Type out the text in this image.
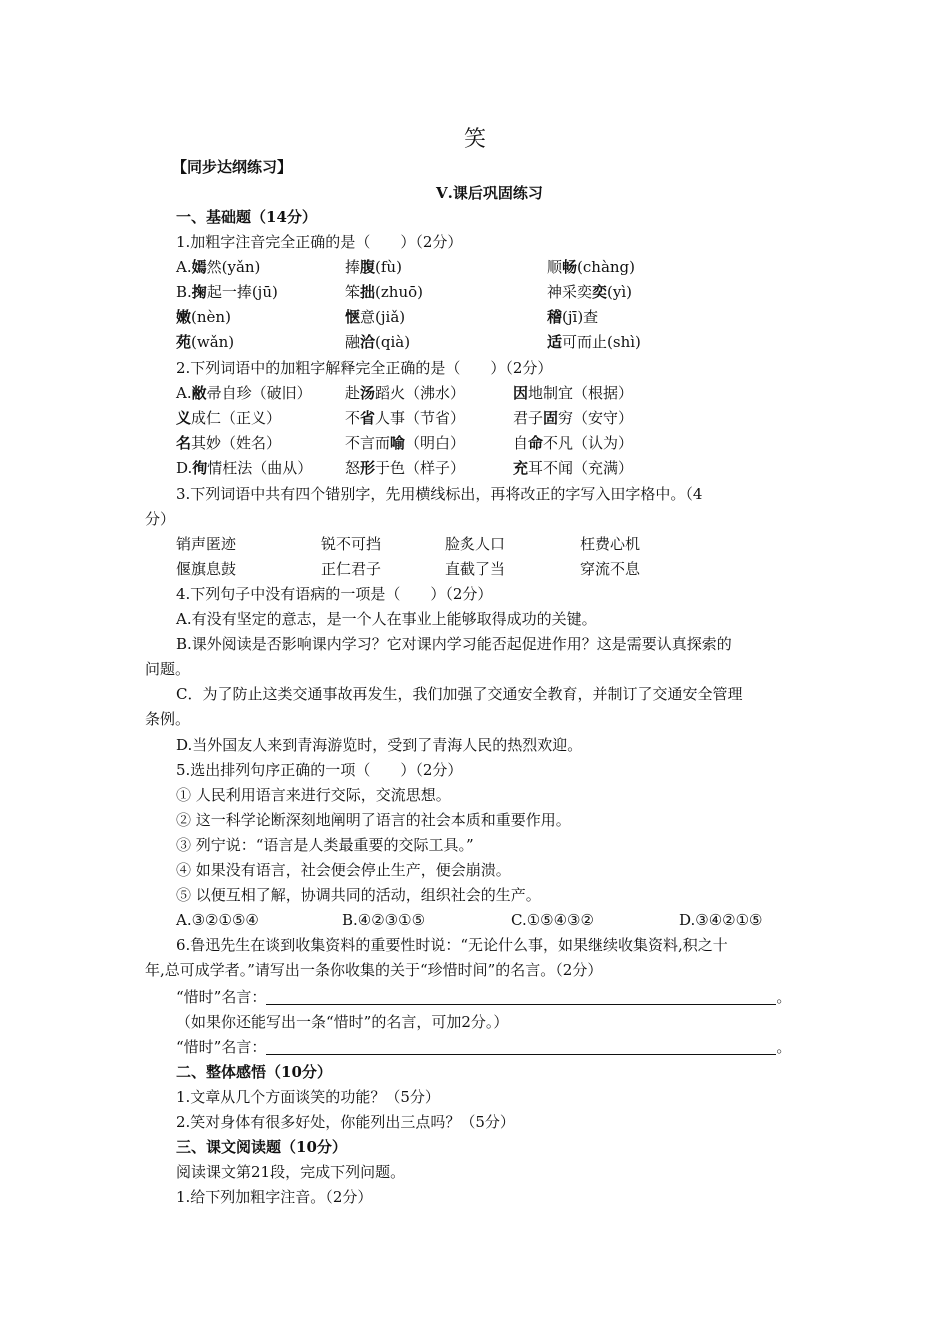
笑
【同步达纲练习】
Ⅴ.课后巩固练习
一、基础题（14分）
1.加粗字注音完全正确的是（　　）（2分）
A.嫣然(yǎn)	捧腹(fù)	顺畅(chàng)
B.掬起一捧(jū)	笨拙(zhuō)	神采奕奕(yì)
嫩(nèn)	惬意(jiǎ)	稽(jī)查
苑(wǎn)	融洽(qià)	适可而止(shì)
2.下列词语中的加粗字解释完全正确的是（　　）（2分）
A.敝帚自珍（破旧） 赴汤蹈火（沸水）	因地制宜（根据）
义成仁（正义）	不省人事（节省）	君子固穷（安守）
名其妙（姓名）	不言而喻（明白）	自命不凡（认为）
D.徇情枉法（曲从） 怒形于色（样子）	充耳不闻（充满）
3.下列词语中共有四个错别字，先用横线标出，再将改正的字写入田字格中。（4
分）
销声匿迹	锐不可挡	脸炙人口	枉费心机
偃旗息鼓	正仁君子	直截了当	穿流不息
4.下列句子中没有语病的一项是（　　）（2分）
A.有没有坚定的意志，是一个人在事业上能够取得成功的关键。
B.课外阅读是否影响课内学习？它对课内学习能否起促进作用？这是需要认真探索的
问题。
C．为了防止这类交通事故再发生，我们加强了交通安全教育，并制订了交通安全管理
条例。
D.当外国友人来到青海游览时，受到了青海人民的热烈欢迎。
5.选出排列句序正确的一项（　　）（2分）
① 人民利用语言来进行交际，交流思想。
② 这一科学论断深刻地阐明了语言的社会本质和重要作用。
③ 列宁说：“语言是人类最重要的交际工具。”
④ 如果没有语言，社会便会停止生产，便会崩溃。
⑤ 以便互相了解，协调共同的活动，组织社会的生产。
A.③②①⑤④	B.④②③①⑤	C.①⑤④③②	D.③④②①⑤
6.鲁迅先生在谈到收集资料的重要性时说：“无论什么事，如果继续收集资料,积之十
年,总可成学者。”请写出一条你收集的关于“珍惜时间”的名言。（2分）
“惜时”名言：	。
（如果你还能写出一条“惜时”的名言，可加2分。）
“惜时”名言：	。
二、整体感悟（10分）
1.文章从几个方面谈笑的功能？（5分）
2.笑对身体有很多好处，你能列出三点吗？（5分）
三、课文阅读题（10分）
阅读课文第21段，完成下列问题。
1.给下列加粗字注音。（2分）
